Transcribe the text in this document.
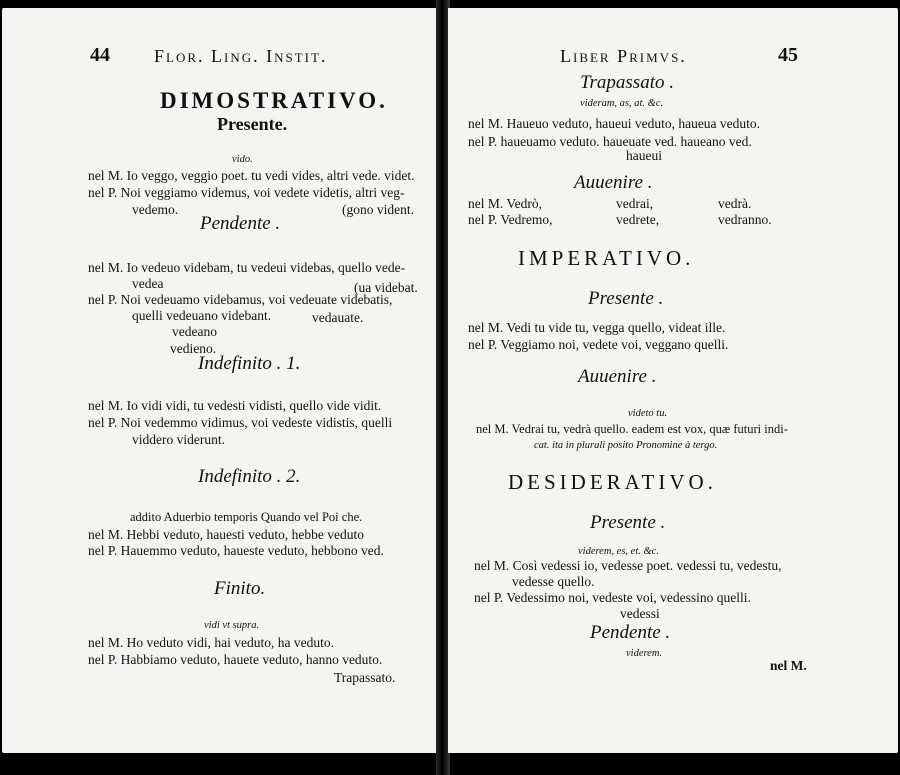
44 Flor. Ling. Instit.
DIMOSTRATIVO.
Presente.
vido.
nel M. Io veggo, veggio poet. tu vedi vides, altri vede. videt.
nel P. Noi veggiamo videmus, voi vedete videtis, altri veg-
vedemo.	(gono vident.
Pendente .
nel M. Io vedeuo videbam, tu vedeui videbas, quello vede-
vedea	(ua videbat.
nel P. Noi vedeuamo videbamus, voi vedeuate videbatis,
quelli vedeuano videbant.	vedauate.
vedeano
vedieno.
Indefinito . 1.
nel M. Io vidi vidi, tu vedesti vidisti, quello vide vidit.
nel P. Noi vedemmo vidimus, voi vedeste vidistis, quelli
viddero viderunt.
Indefinito . 2.
addito Aduerbio temporis Quando vel Poi che.
nel M. Hebbi veduto, hauesti veduto, hebbe veduto
nel P. Hauemmo veduto, haueste veduto, hebbono ved.
Finito.
vidi vt supra.
nel M. Ho veduto vidi, hai veduto, ha veduto.
nel P. Habbiamo veduto, hauete veduto, hanno veduto.
Trapassato.
Liber Primvs.	45
Trapassato .
videram, as, at. &c.
nel M. Haueuo veduto, haueui veduto, haueua veduto.
nel P. haueuamo veduto. haueuate ved. haueano ved.
haueui
Auuenire .
nel M. Vedrò,	vedrai,	vedrà.
nel P. Vedremo,	vedrete,	vedranno.
IMPERATIVO.
Presente .
nel M. Vedi tu vide tu, vegga quello, videat ille.
nel P. Veggiamo noi, vedete voi, veggano quelli.
Auuenire .
videto tu.
nel M. Vedrai tu, vedrà quello. eadem est vox, quæ futuri indi-
cat. ita in plurali posito Pronomine à tergo.
DESIDERATIVO.
Presente .
viderem, es, et. &c.
nel M. Così vedessi io, vedesse poet. vedessi tu, vedestu,
vedesse quello.
nel P. Vedessimo noi, vedeste voi, vedessino quelli.
vedessi
Pendente .
viderem.
nel M.
